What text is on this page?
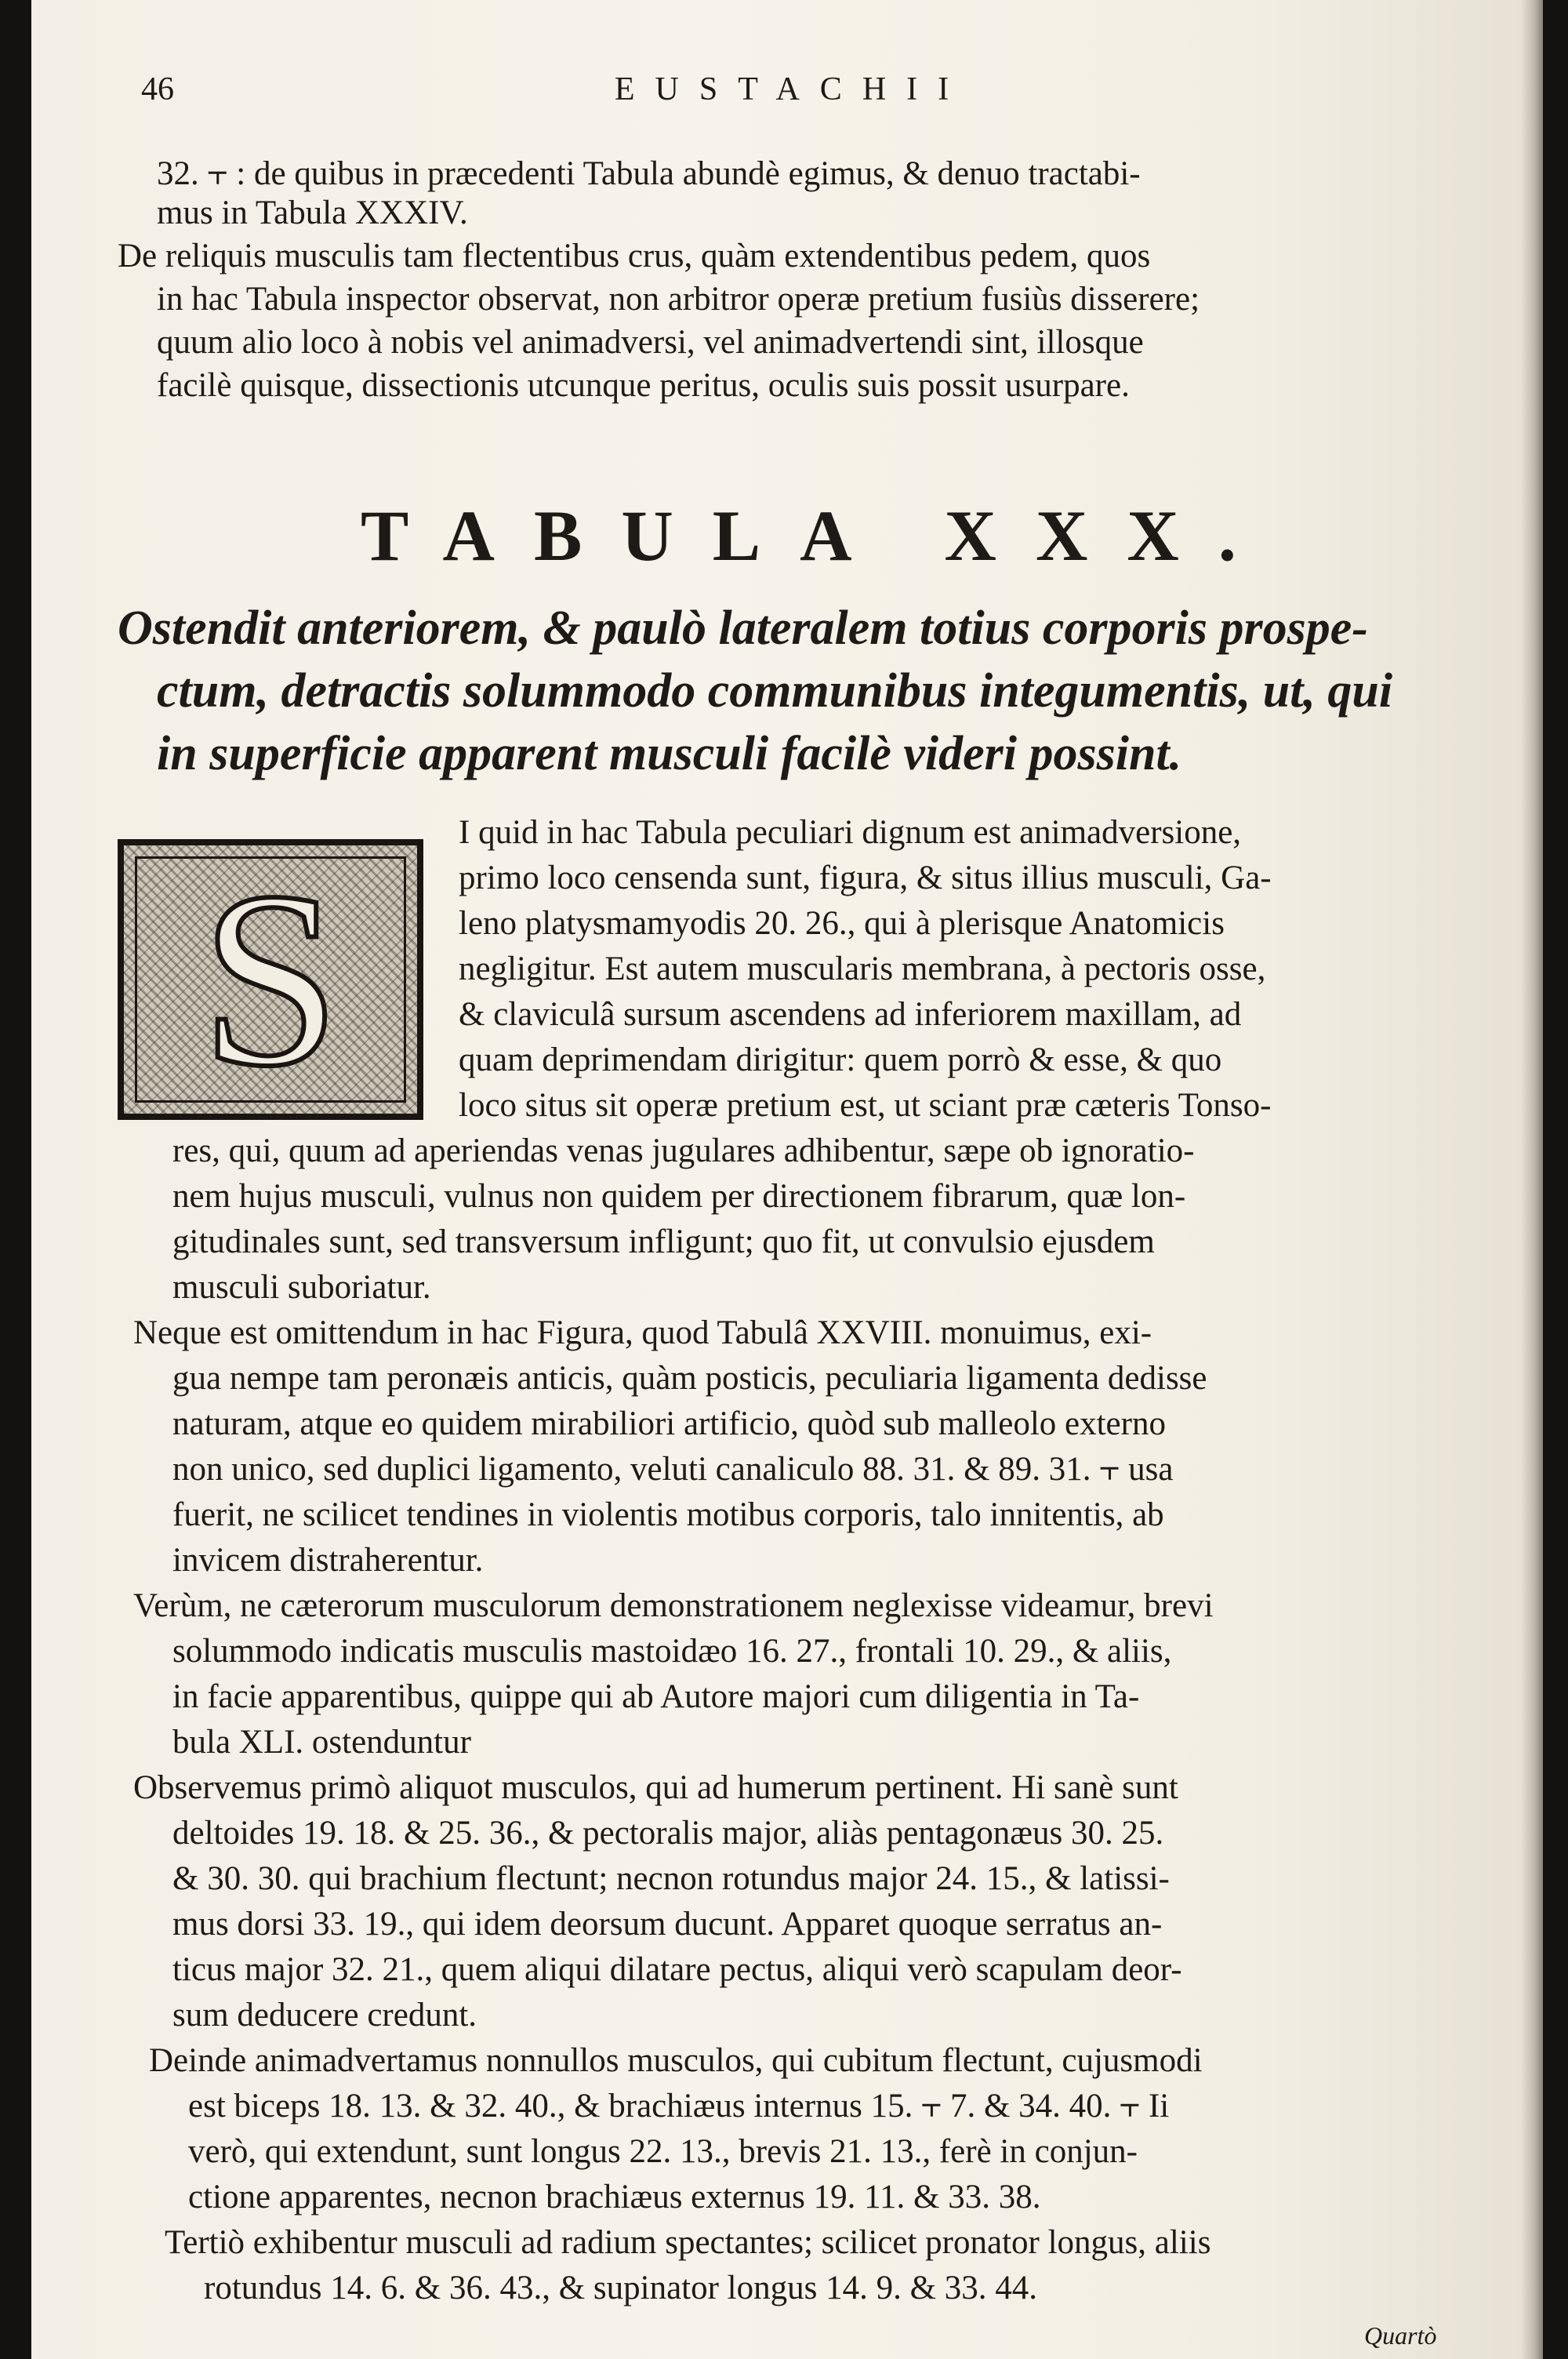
46	EUSTACHII
32. ⫟ : de quibus in præcedenti Tabula abundè egimus, & denuo tractabi-
mus in Tabula XXXIV.
De reliquis musculis tam flectentibus crus, quàm extendentibus pedem, quos
in hac Tabula inspector observat, non arbitror operæ pretium fusiùs disserere;
quum alio loco à nobis vel animadversi, vel animadvertendi sint, illosque
facilè quisque, dissectionis utcunque peritus, oculis suis possit usurpare.
TABULA XXX.
Ostendit anteriorem, & paulò lateralem totius corporis prospe-
ctum, detractis solummodo communibus integumentis, ut, qui
in superficie apparent musculi facilè videri possint.
S
I quid in hac Tabula peculiari dignum est animadversione,
primo loco censenda sunt, figura, & situs illius musculi, Ga-
leno platysmamyodis 20. 26., qui à plerisque Anatomicis
negligitur. Est autem muscularis membrana, à pectoris osse,
& claviculâ sursum ascendens ad inferiorem maxillam, ad
quam deprimendam dirigitur: quem porrò & esse, & quo
loco situs sit operæ pretium est, ut sciant præ cæteris Tonso-
res, qui, quum ad aperiendas venas jugulares adhibentur, sæpe ob ignoratio-
nem hujus musculi, vulnus non quidem per directionem fibrarum, quæ lon-
gitudinales sunt, sed transversum infligunt; quo fit, ut convulsio ejusdem
musculi suboriatur.
Neque est omittendum in hac Figura, quod Tabulâ XXVIII. monuimus, exi-
gua nempe tam peronæis anticis, quàm posticis, peculiaria ligamenta dedisse
naturam, atque eo quidem mirabiliori artificio, quòd sub malleolo externo
non unico, sed duplici ligamento, veluti canaliculo 88. 31. & 89. 31. ⫟ usa
fuerit, ne scilicet tendines in violentis motibus corporis, talo innitentis, ab
invicem distraherentur.
Verùm, ne cæterorum musculorum demonstrationem neglexisse videamur, brevi
solummodo indicatis musculis mastoidæo 16. 27., frontali 10. 29., & aliis,
in facie apparentibus, quippe qui ab Autore majori cum diligentia in Ta-
bula XLI. ostenduntur
Observemus primò aliquot musculos, qui ad humerum pertinent. Hi sanè sunt
deltoides 19. 18. & 25. 36., & pectoralis major, aliàs pentagonæus 30. 25.
& 30. 30. qui brachium flectunt; necnon rotundus major 24. 15., & latissi-
mus dorsi 33. 19., qui idem deorsum ducunt. Apparet quoque serratus an-
ticus major 32. 21., quem aliqui dilatare pectus, aliqui verò scapulam deor-
sum deducere credunt.
Deinde animadvertamus nonnullos musculos, qui cubitum flectunt, cujusmodi
est biceps 18. 13. & 32. 40., & brachiæus internus 15. ⫟ 7. & 34. 40. ⫟ Ii
verò, qui extendunt, sunt longus 22. 13., brevis 21. 13., ferè in conjun-
ctione apparentes, necnon brachiæus externus 19. 11. & 33. 38.
Tertiò exhibentur musculi ad radium spectantes; scilicet pronator longus, aliis
rotundus 14. 6. & 36. 43., & supinator longus 14. 9. & 33. 44.
Quartò
